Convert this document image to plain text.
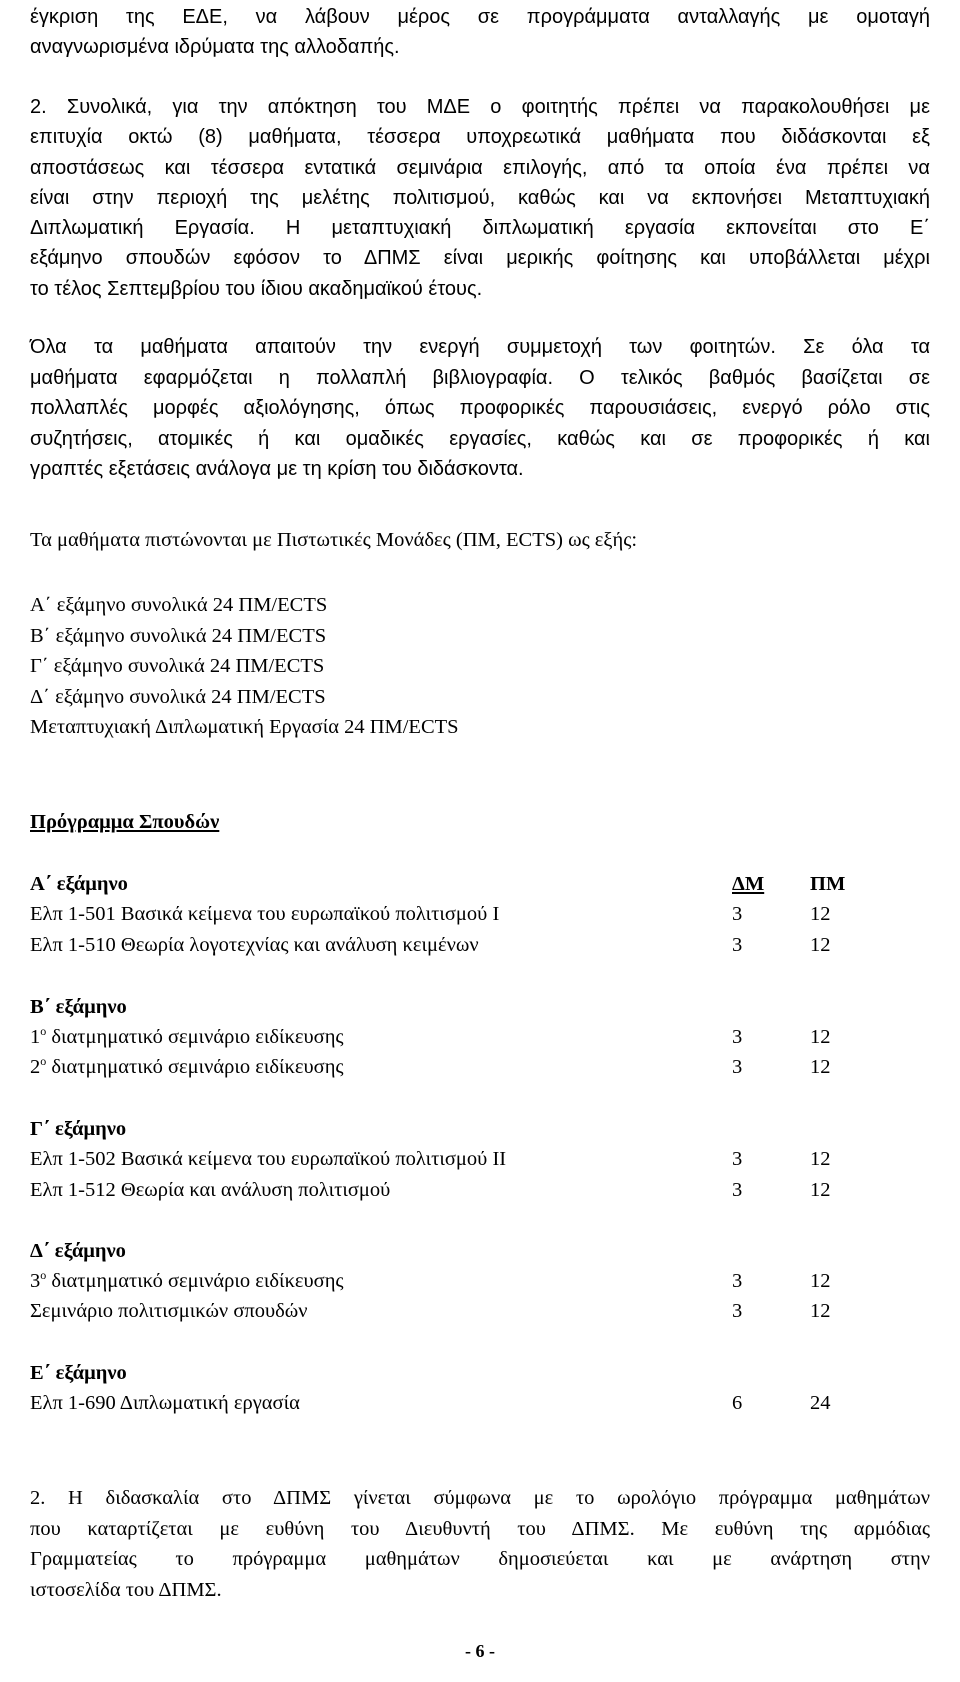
έγκριση της ΕΔΕ, να λάβουν μέρος σε προγράμματα ανταλλαγής με ομοταγή
αναγνωρισμένα ιδρύματα της αλλοδαπής.
2. Συνολικά, για την απόκτηση του ΜΔΕ ο φοιτητής πρέπει να παρακολουθήσει με
επιτυχία οκτώ (8) μαθήματα, τέσσερα υποχρεωτικά μαθήματα που διδάσκονται εξ
αποστάσεως και τέσσερα εντατικά σεμινάρια επιλογής, από τα οποία ένα πρέπει να
είναι στην περιοχή της μελέτης πολιτισμού, καθώς και να εκπονήσει Μεταπτυχιακή
Διπλωματική Εργασία. Η μεταπτυχιακή διπλωματική εργασία εκπονείται στο Ε΄
εξάμηνο σπουδών εφόσον το ΔΠΜΣ είναι μερικής φοίτησης και υποβάλλεται μέχρι
το τέλος Σεπτεμβρίου του ίδιου ακαδημαϊκού έτους.
Όλα τα μαθήματα απαιτούν την ενεργή συμμετοχή των φοιτητών. Σε όλα τα
μαθήματα εφαρμόζεται η πολλαπλή βιβλιογραφία. Ο τελικός βαθμός βασίζεται σε
πολλαπλές μορφές αξιολόγησης, όπως προφορικές παρουσιάσεις, ενεργό ρόλο στις
συζητήσεις, ατομικές ή και ομαδικές εργασίες, καθώς και σε προφορικές ή και
γραπτές εξετάσεις ανάλογα με τη κρίση του διδάσκοντα.
Τα μαθήματα πιστώνονται με Πιστωτικές Μονάδες (ΠΜ, ECTS) ως εξής:
Α΄ εξάμηνο συνολικά 24 ΠΜ/ECTS
Β΄ εξάμηνο συνολικά 24 ΠΜ/ECTS
Γ΄ εξάμηνο συνολικά 24 ΠΜ/ECTS
Δ΄ εξάμηνο συνολικά 24 ΠΜ/ECTS
Μεταπτυχιακή Διπλωματική Εργασία 24 ΠΜ/ECTS
Πρόγραμμα Σπουδών
Α΄ εξάμηνο	ΔΜ ΠΜ
Ελπ 1-501 Βασικά κείμενα του ευρωπαϊκού πολιτισμού Ι	3	12
Ελπ 1-510 Θεωρία λογοτεχνίας και ανάλυση κειμένων	3	12
Β΄ εξάμηνο
$1^o$ διατμηματικό σεμινάριο ειδίκευσης	3	12
$2^o$ διατμηματικό σεμινάριο ειδίκευσης	3	12
Γ΄ εξάμηνο
Ελπ 1-502 Βασικά κείμενα του ευρωπαϊκού πολιτισμού ΙΙ	3	12
Ελπ 1-512 Θεωρία και ανάλυση πολιτισμού	3	12
Δ΄ εξάμηνο
$3^o$ διατμηματικό σεμινάριο ειδίκευσης	3	12
Σεμινάριο πολιτισμικών σπουδών	3	12
Ε΄ εξάμηνο
Ελπ 1-690 Διπλωματική εργασία	6	24
2. Η διδασκαλία στο ΔΠΜΣ γίνεται σύμφωνα με το ωρολόγιο πρόγραμμα μαθημάτων
που καταρτίζεται με ευθύνη του Διευθυντή του ΔΠΜΣ. Με ευθύνη της αρμόδιας
Γραμματείας το πρόγραμμα μαθημάτων δημοσιεύεται και με ανάρτηση στην
ιστοσελίδα του ΔΠΜΣ.
- 6 -
